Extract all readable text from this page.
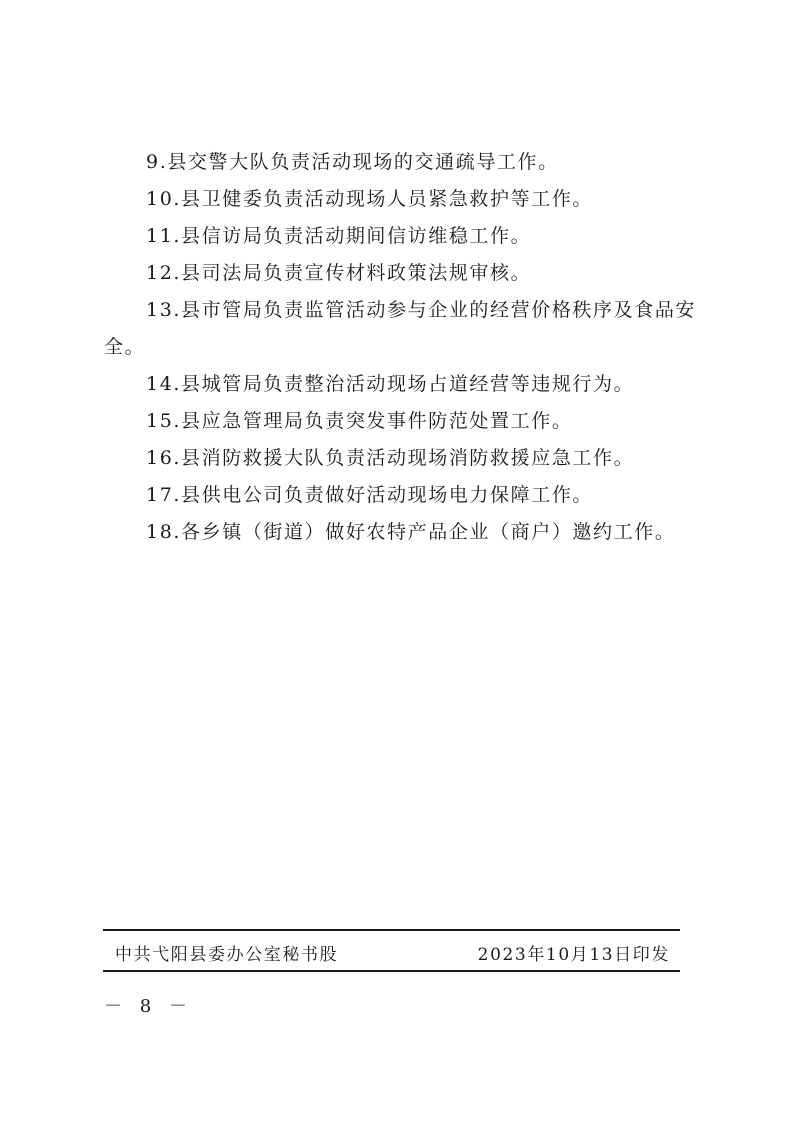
9.县交警大队负责活动现场的交通疏导工作。

10.县卫健委负责活动现场人员紧急救护等工作。

11.县信访局负责活动期间信访维稳工作。

12.县司法局负责宣传材料政策法规审核。

13.县市管局负责监管活动参与企业的经营价格秩序及食品安全。

14.县城管局负责整治活动现场占道经营等违规行为。

15.县应急管理局负责突发事件防范处置工作。

16.县消防救援大队负责活动现场消防救援应急工作。

17.县供电公司负责做好活动现场电力保障工作。

18.各乡镇（街道）做好农特产品企业（商户）邀约工作。

中共弋阳县委办公室秘书股	2023年10月13日印发
－ 8 －
